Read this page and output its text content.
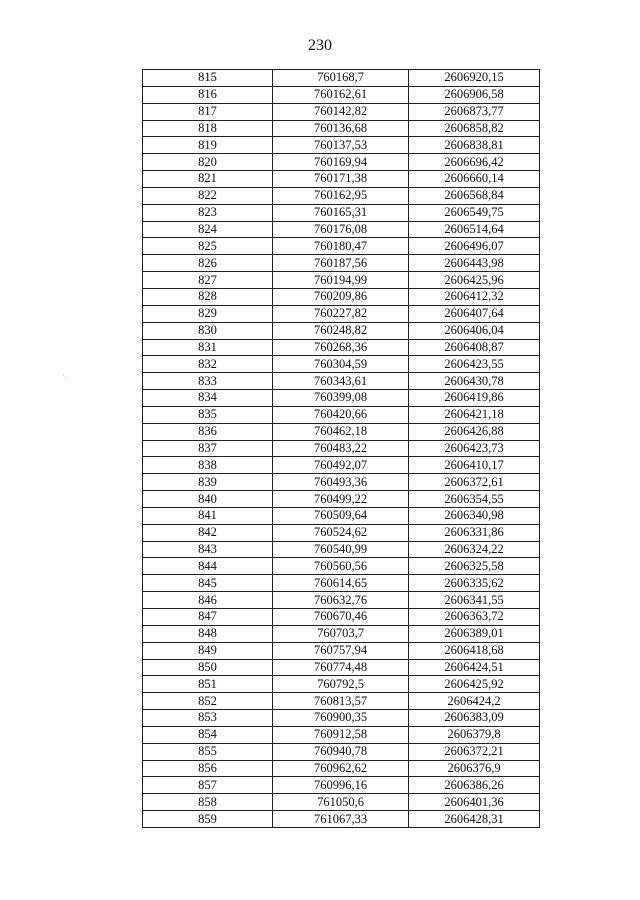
230
815	760168,7	2606920,15
816	760162,61	2606906,58
817	760142,82	2606873,77
818	760136,68	2606858,82
819	760137,53	2606838,81
820	760169,94	2606696,42
821	760171,38	2606660,14
822	760162,95	2606568,84
823	760165,31	2606549,75
824	760176,08	2606514,64
825	760180,47	2606496,07
826	760187,56	2606443,98
827	760194,99	2606425,96
828	760209,86	2606412,32
829	760227,82	2606407,64
830	760248,82	2606406,04
831	760268,36	2606408,87
832	760304,59	2606423,55
833	760343,61	2606430,78
834	760399,08	2606419,86
835	760420,66	2606421,18
836	760462,18	2606426,88
837	760483,22	2606423,73
838	760492,07	2606410,17
839	760493,36	2606372,61
840	760499,22	2606354,55
841	760509,64	2606340,98
842	760524,62	2606331,86
843	760540,99	2606324,22
844	760560,56	2606325,58
845	760614,65	2606335,62
846	760632,76	2606341,55
847	760670,46	2606363,72
848	760703,7	2606389,01
849	760757,94	2606418,68
850	760774,48	2606424,51
851	760792,5	2606425,92
852	760813,57	2606424,2
853	760900,35	2606383,09
854	760912,58	2606379,8
855	760940,78	2606372,21
856	760962,62	2606376,9
857	760996,16	2606386,26
858	761050,6	2606401,36
859	761067,33	2606428,31
·.
